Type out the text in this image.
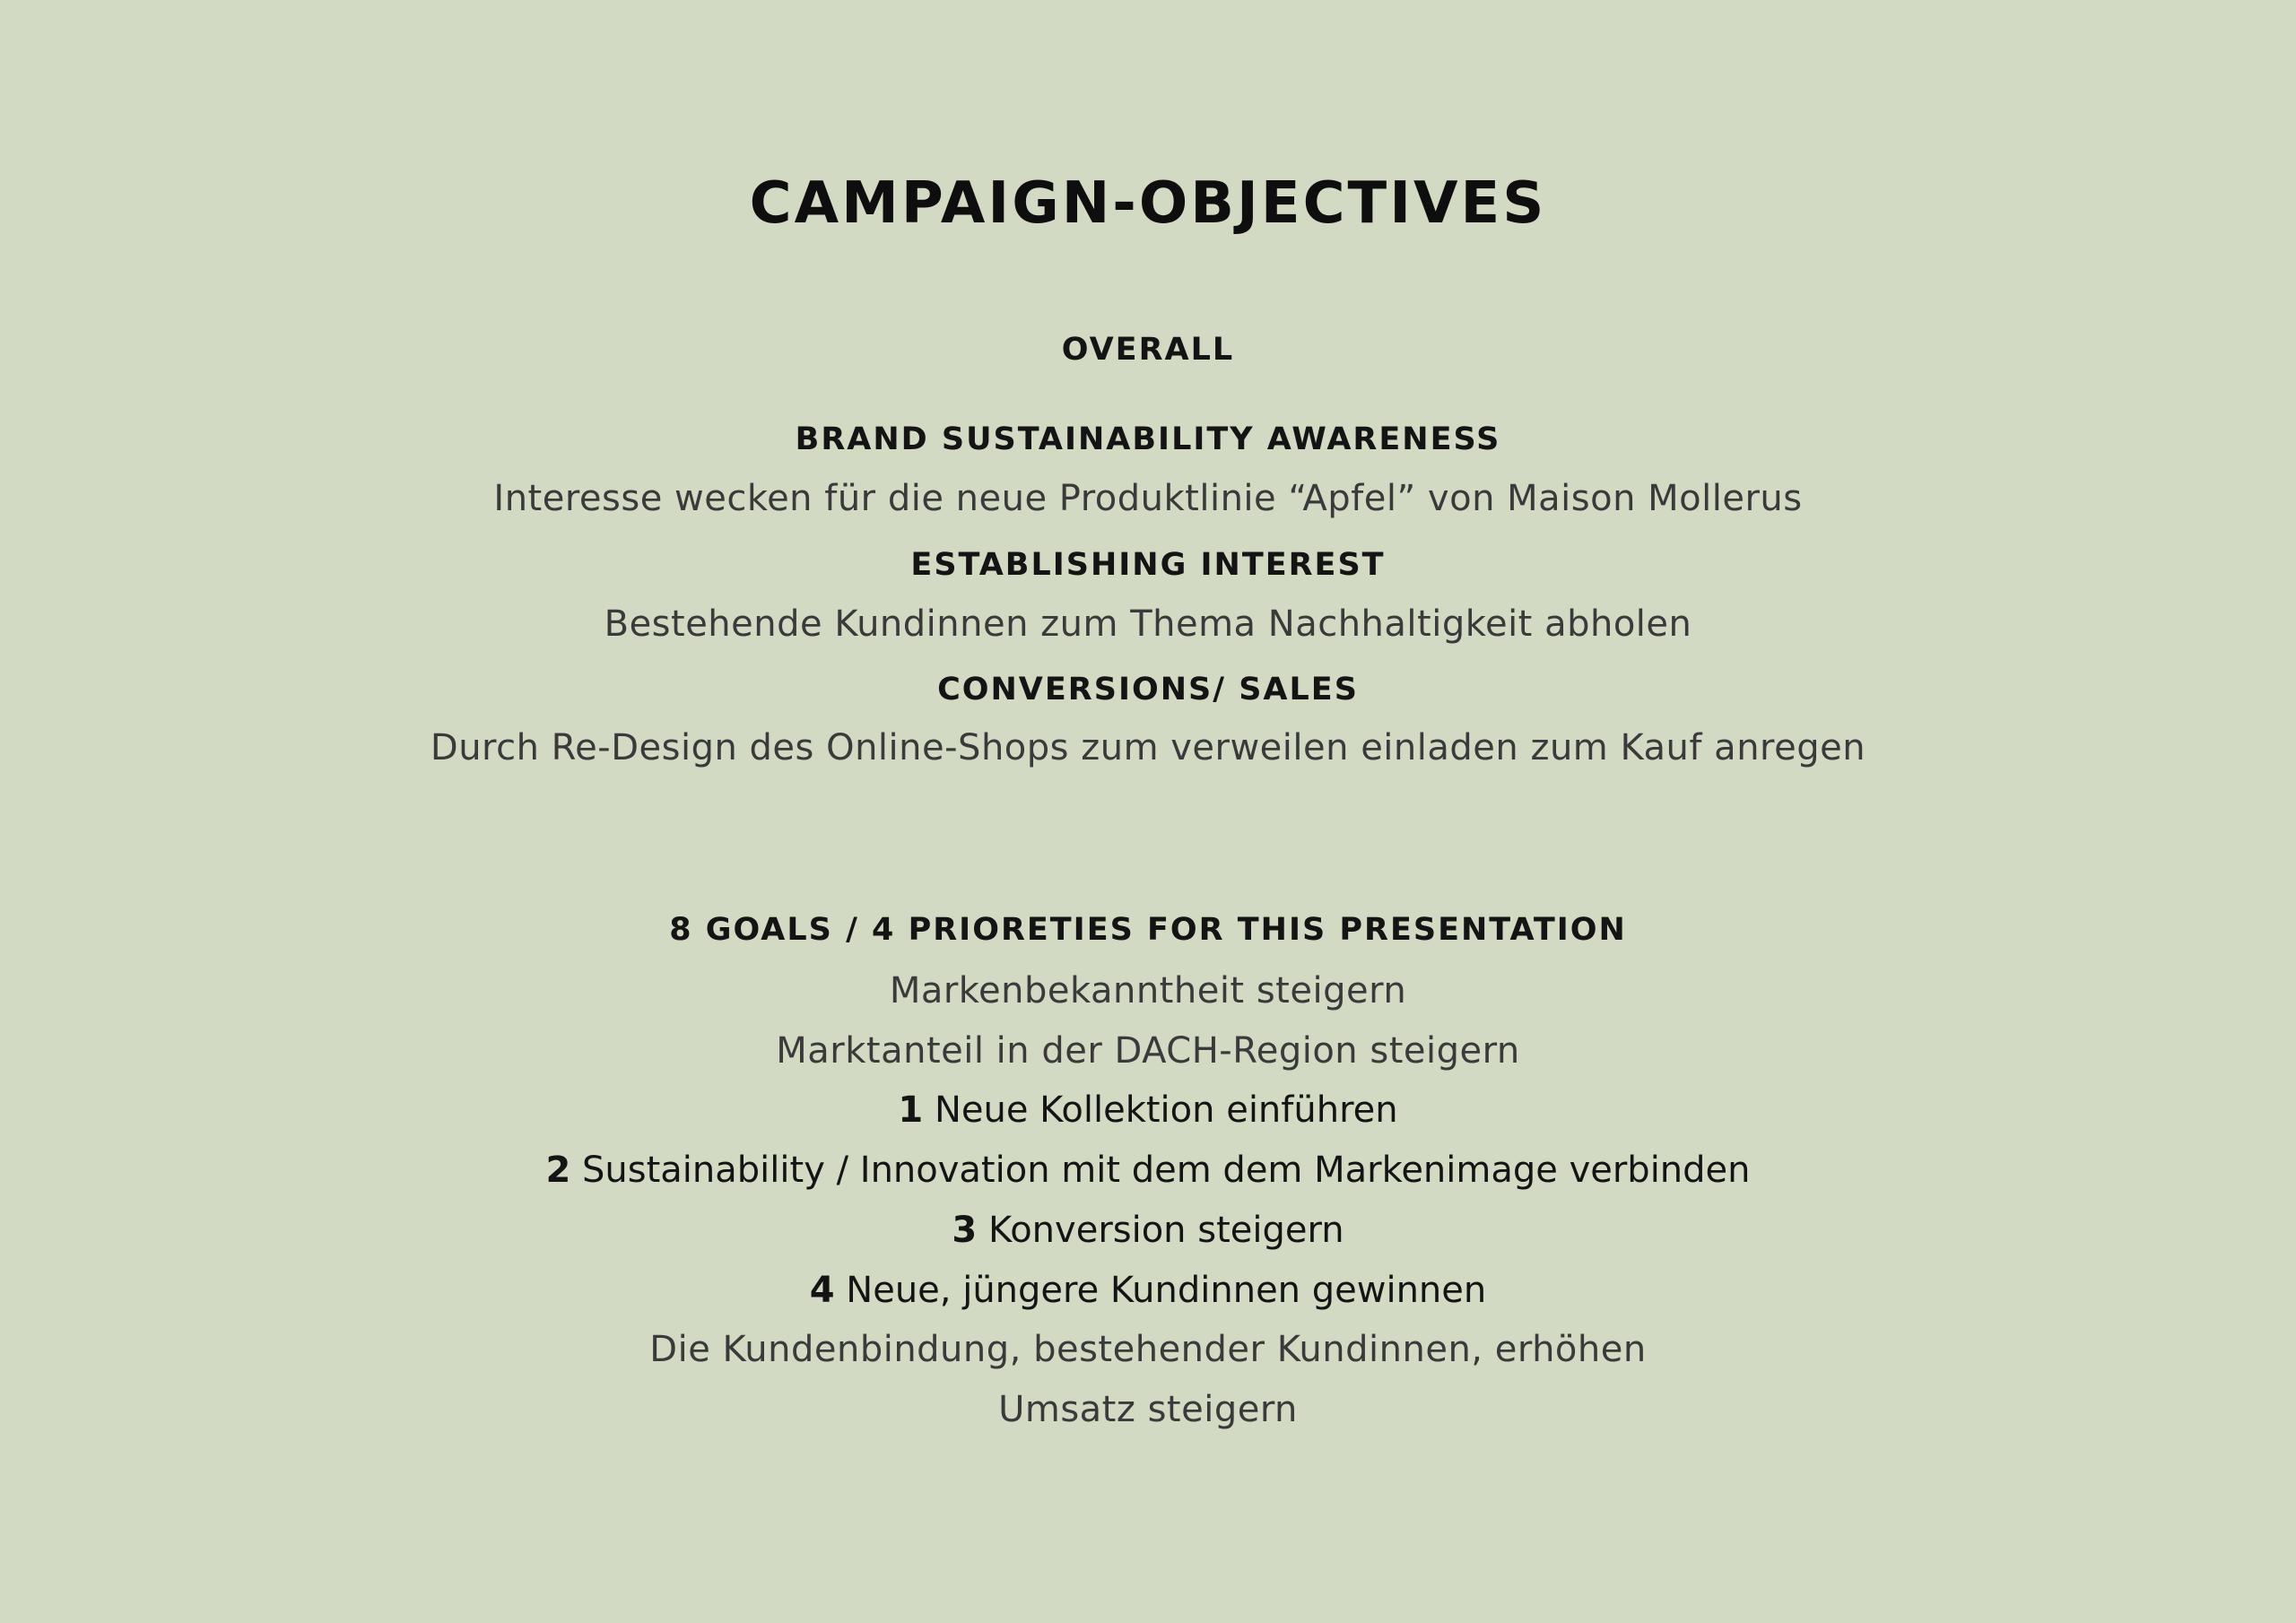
CAMPAIGN-OBJECTIVES
OVERALL
BRAND SUSTAINABILITY AWARENESS

Interesse wecken für die neue Produktlinie “Apfel” von Maison Mollerus

ESTABLISHING INTEREST

Bestehende Kundinnen zum Thema Nachhaltigkeit abholen

CONVERSIONS/ SALES

Durch Re-Design des Online-Shops zum verweilen einladen zum Kauf anregen

8 GOALS / 4 PRIORETIES FOR THIS PRESENTATION

Markenbekanntheit steigern

Marktanteil in der DACH-Region steigern

1 Neue Kollektion einführen

2 Sustainability / Innovation mit dem dem Markenimage verbinden

3 Konversion steigern

4 Neue, jüngere Kundinnen gewinnen

Die Kundenbindung, bestehender Kundinnen, erhöhen

Umsatz steigern
